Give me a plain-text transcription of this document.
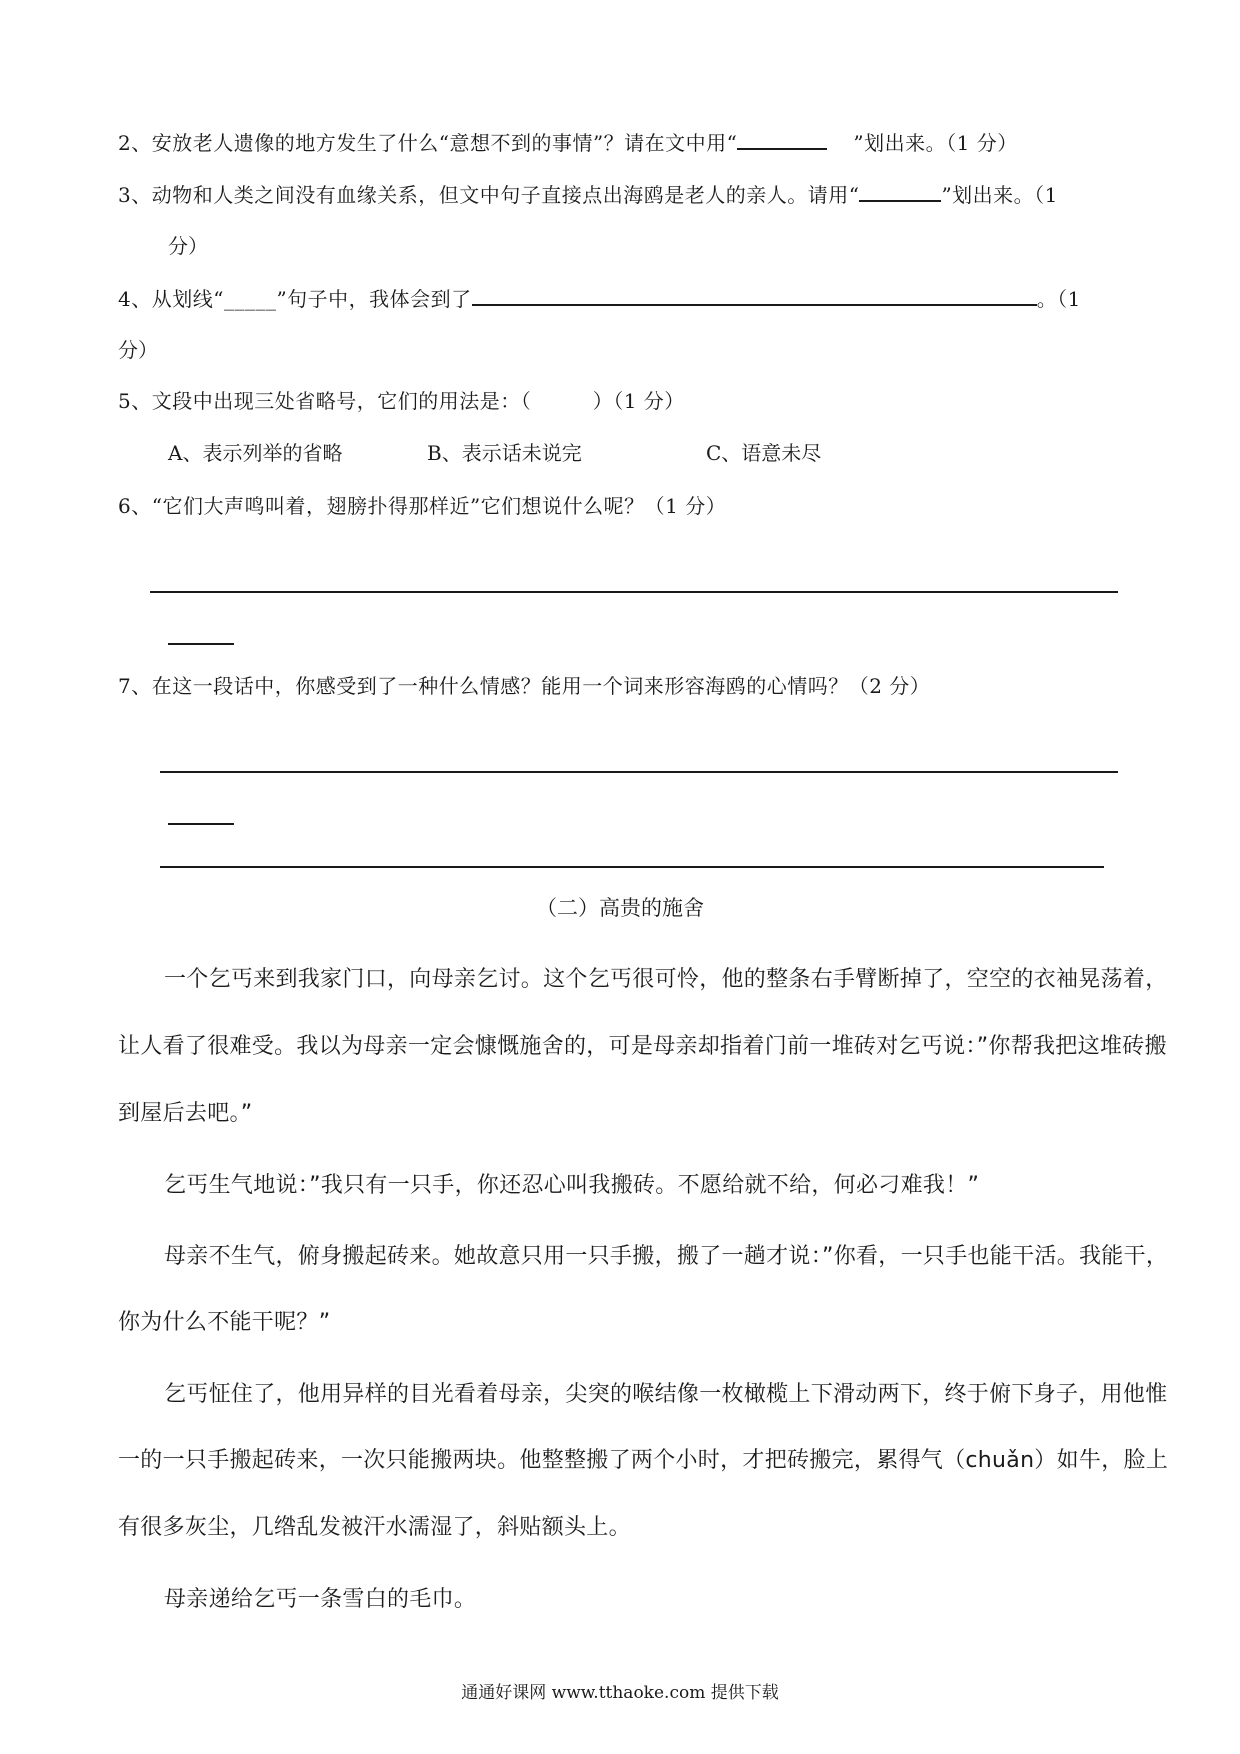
2、安放老人遗像的地方发生了什么“意想不到的事情”？请在文中用“	”划出来。（1 分）
3、动物和人类之间没有血缘关系，但文中句子直接点出海鸥是老人的亲人。请用“	”划出来。（1
分）
4、从划线“_____”句子中，我体会到了	。（1
分）
5、文段中出现三处省略号，它们的用法是：（　　　）（1 分）
A、表示列举的省略	B、表示话未说完	C、语意未尽
6、“它们大声鸣叫着，翅膀扑得那样近”它们想说什么呢？（1 分）
7、在这一段话中，你感受到了一种什么情感？能用一个词来形容海鸥的心情吗？（2 分）
（二）高贵的施舍
一个乞丐来到我家门口，向母亲乞讨。这个乞丐很可怜，他的整条右手臂断掉了，空空的衣袖晃荡着，
让人看了很难受。我以为母亲一定会慷慨施舍的，可是母亲却指着门前一堆砖对乞丐说：”你帮我把这堆砖搬
到屋后去吧。”
乞丐生气地说：”我只有一只手，你还忍心叫我搬砖。不愿给就不给，何必刁难我！”
母亲不生气，俯身搬起砖来。她故意只用一只手搬，搬了一趟才说：”你看，一只手也能干活。我能干，
你为什么不能干呢？”
乞丐怔住了，他用异样的目光看着母亲，尖突的喉结像一枚橄榄上下滑动两下，终于俯下身子，用他惟
一的一只手搬起砖来，一次只能搬两块。他整整搬了两个小时，才把砖搬完，累得气（chuǎn）如牛，脸上
有很多灰尘，几绺乱发被汗水濡湿了，斜贴额头上。
母亲递给乞丐一条雪白的毛巾。
通通好课网 www.tthaoke.com 提供下载
